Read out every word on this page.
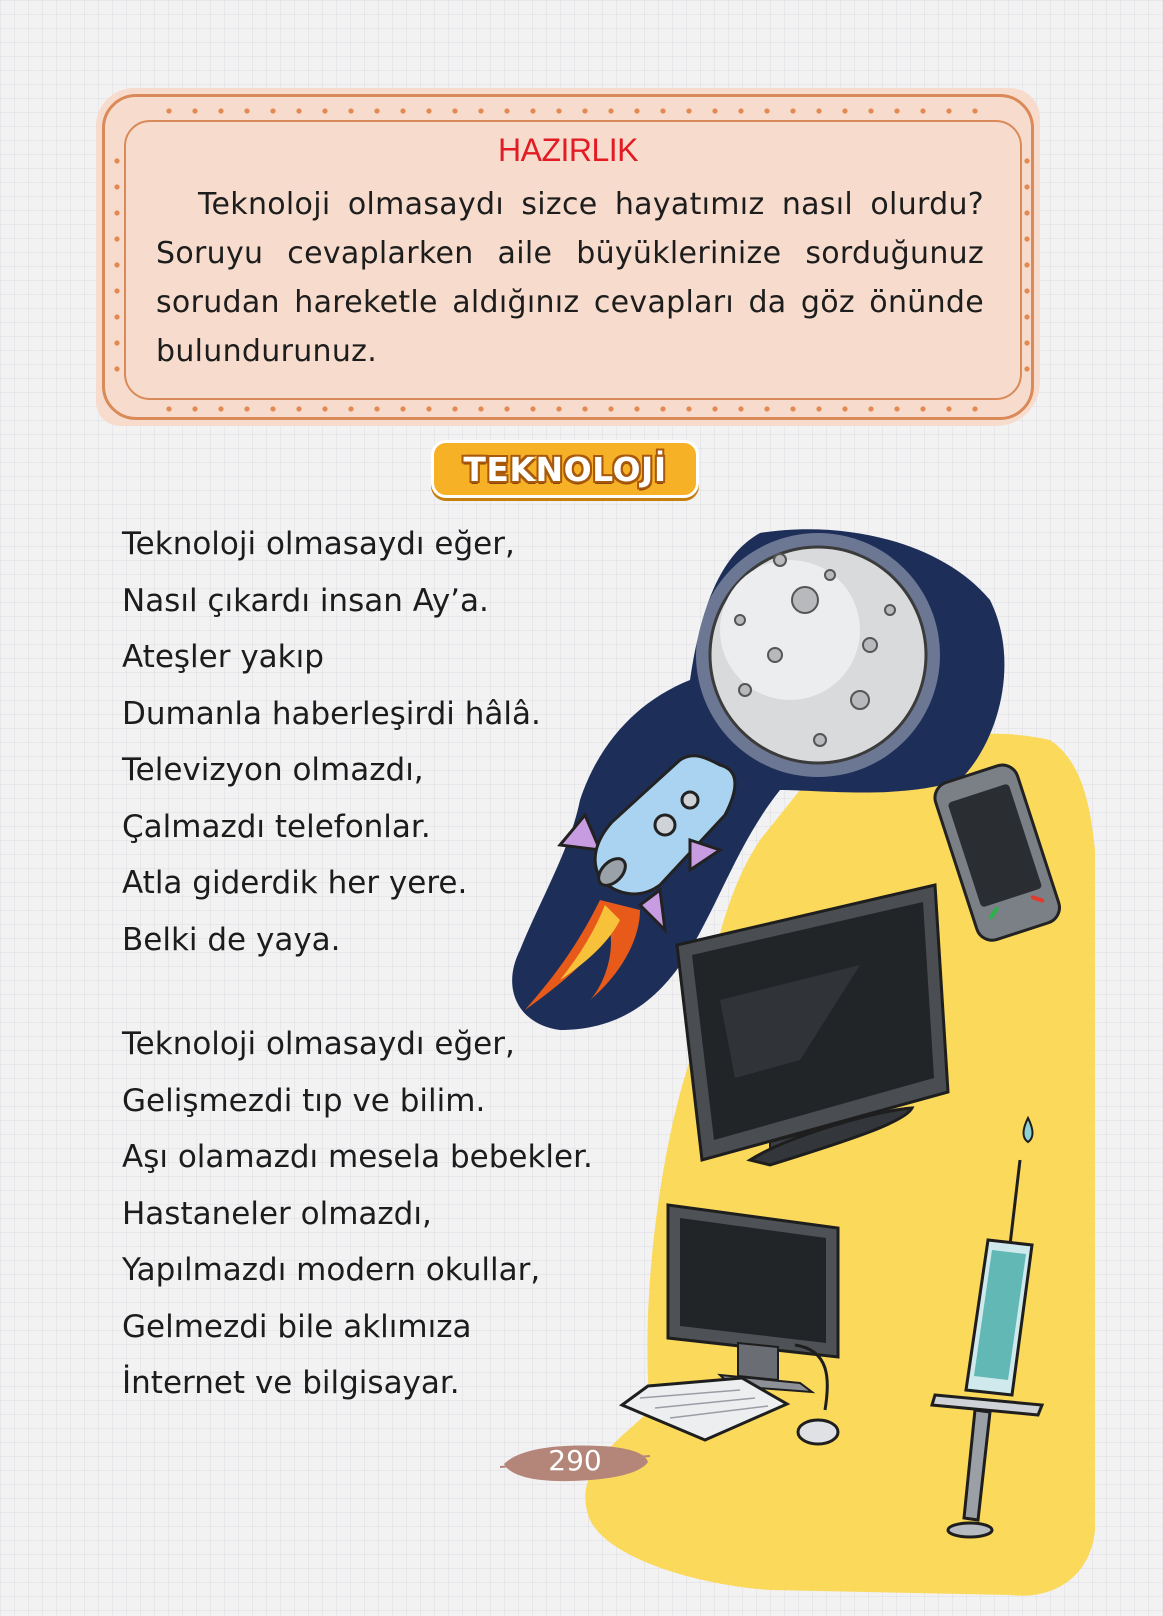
HAZIRLIK
Teknoloji olmasaydı sizce hayatımız nasıl olurdu? Soruyu cevaplarken aile büyüklerinize sorduğunuz sorudan hareketle aldığınız cevapları da göz önünde bulundurunuz.
TEKNOLOJİ
Teknoloji olmasaydı eğer,
Nasıl çıkardı insan Ay’a.
Ateşler yakıp
Dumanla haberleşirdi hâlâ.
Televizyon olmazdı,
Çalmazdı telefonlar.
Atla giderdik her yere.
Belki de yaya.
Teknoloji olmasaydı eğer,
Gelişmezdi tıp ve bilim.
Aşı olamazdı mesela bebekler.
Hastaneler olmazdı,
Yapılmazdı modern okullar,
Gelmezdi bile aklımıza
İnternet ve bilgisayar.
290
